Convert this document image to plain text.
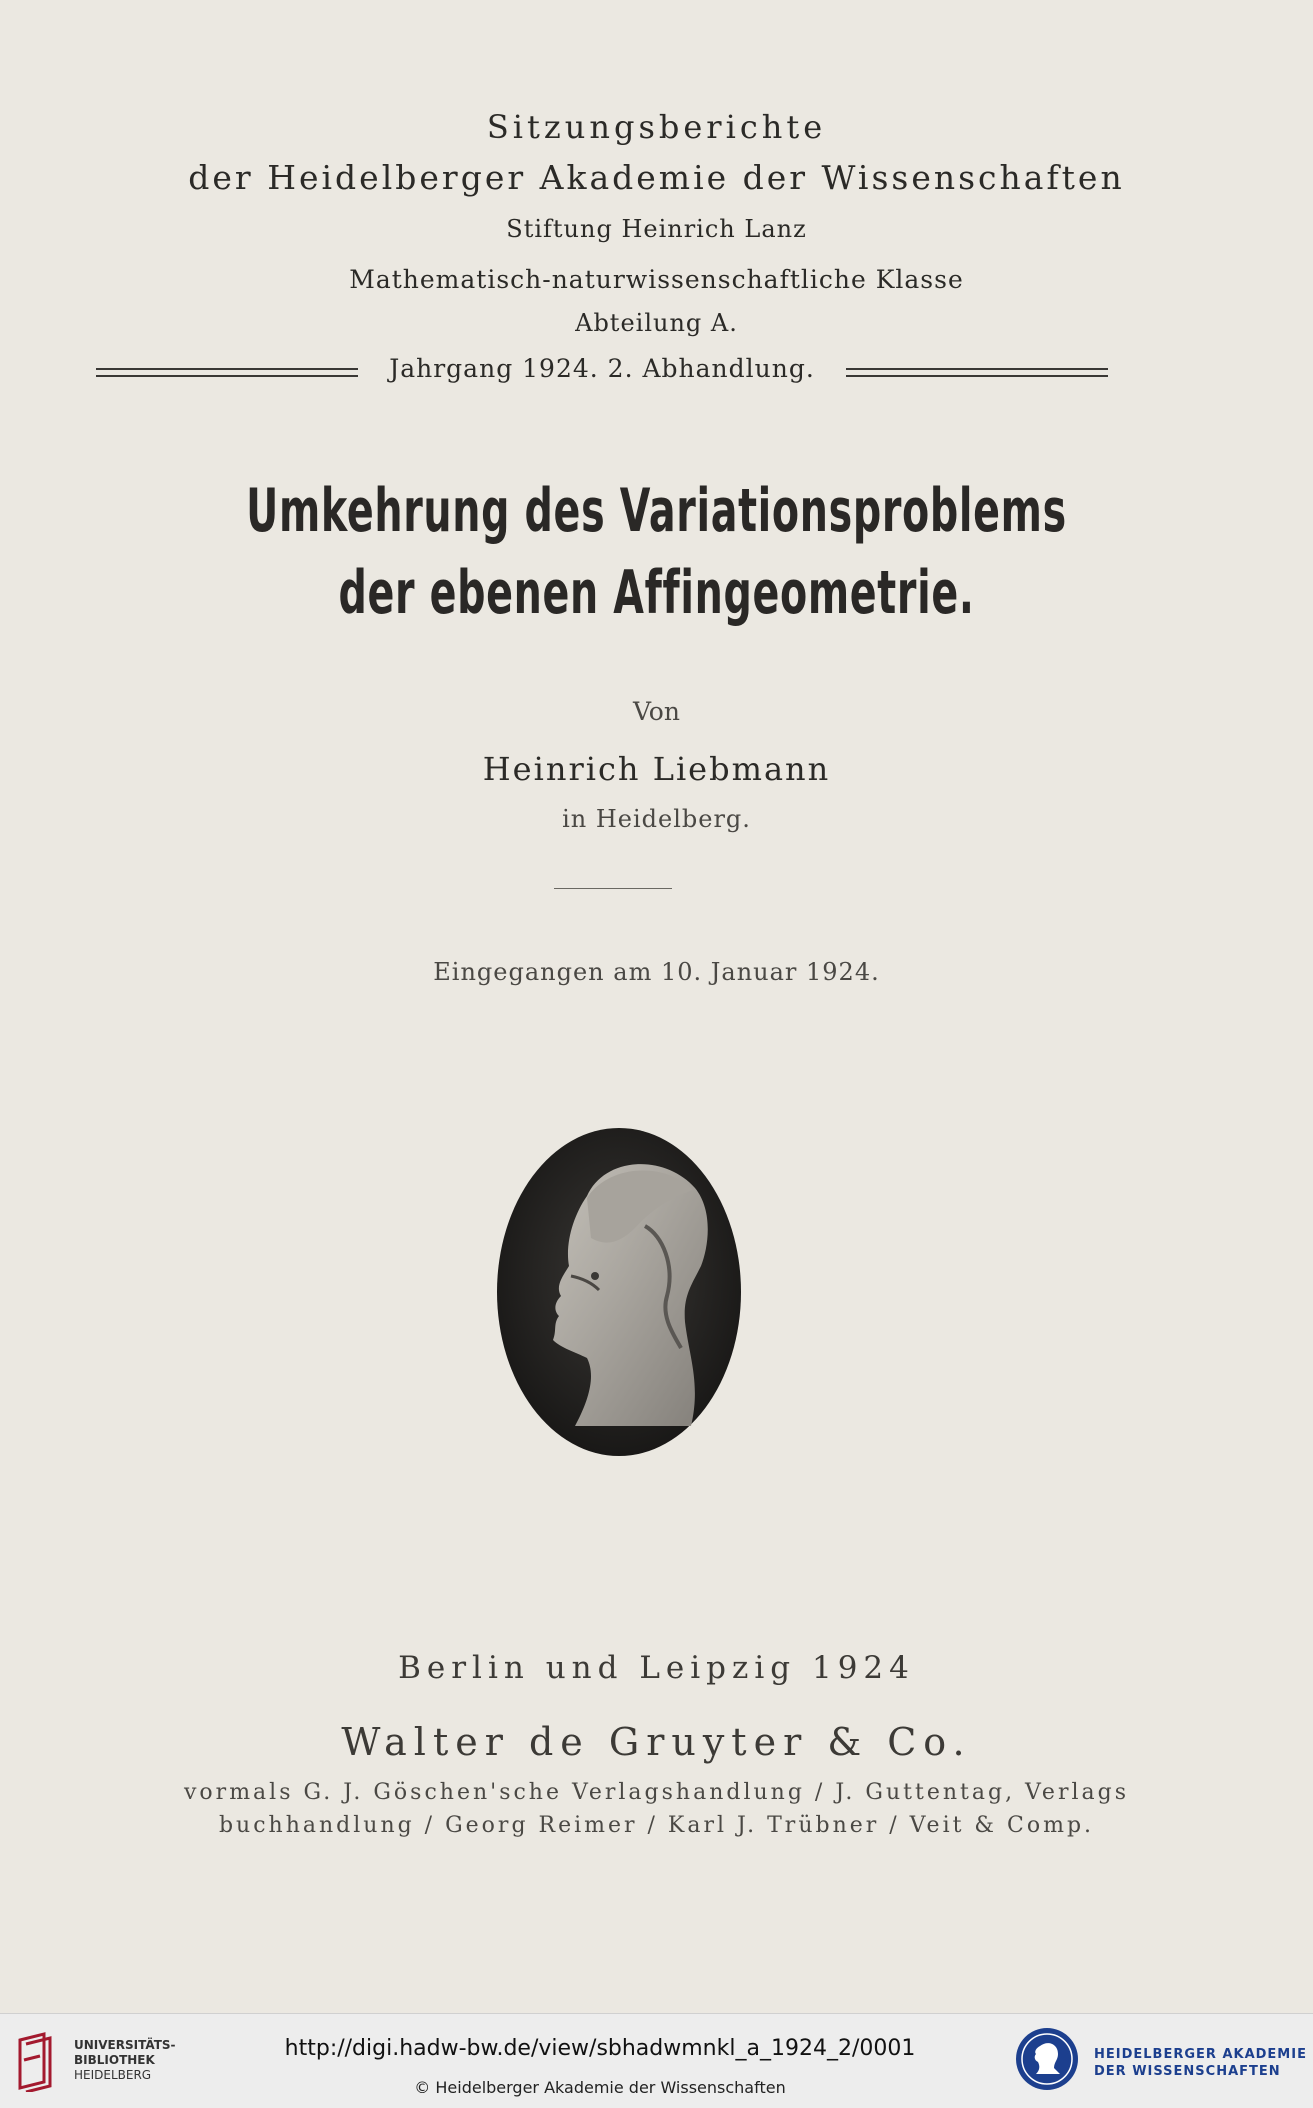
Sitzungsberichte
der Heidelberger Akademie der Wissenschaften
Stiftung Heinrich Lanz
Mathematisch-naturwissenschaftliche Klasse
Abteilung A.
Jahrgang 1924. 2. Abhandlung.
Umkehrung des Variationsproblems
der ebenen Affingeometrie.
Von
Heinrich Liebmann
in Heidelberg.
Eingegangen am 10. Januar 1924.
Berlin und Leipzig 1924
Walter de Gruyter & Co.
vormals G. J. Göschen'sche Verlagshandlung / J. Guttentag, Verlags
buchhandlung / Georg Reimer / Karl J. Trübner / Veit & Comp.
UNIVERSITÄTS-
BIBLIOTHEK
HEIDELBERG
http://digi.hadw-bw.de/view/sbhadwmnkl_a_1924_2/0001
© Heidelberger Akademie der Wissenschaften
HEIDELBERGER AKADEMIE
DER WISSENSCHAFTEN
